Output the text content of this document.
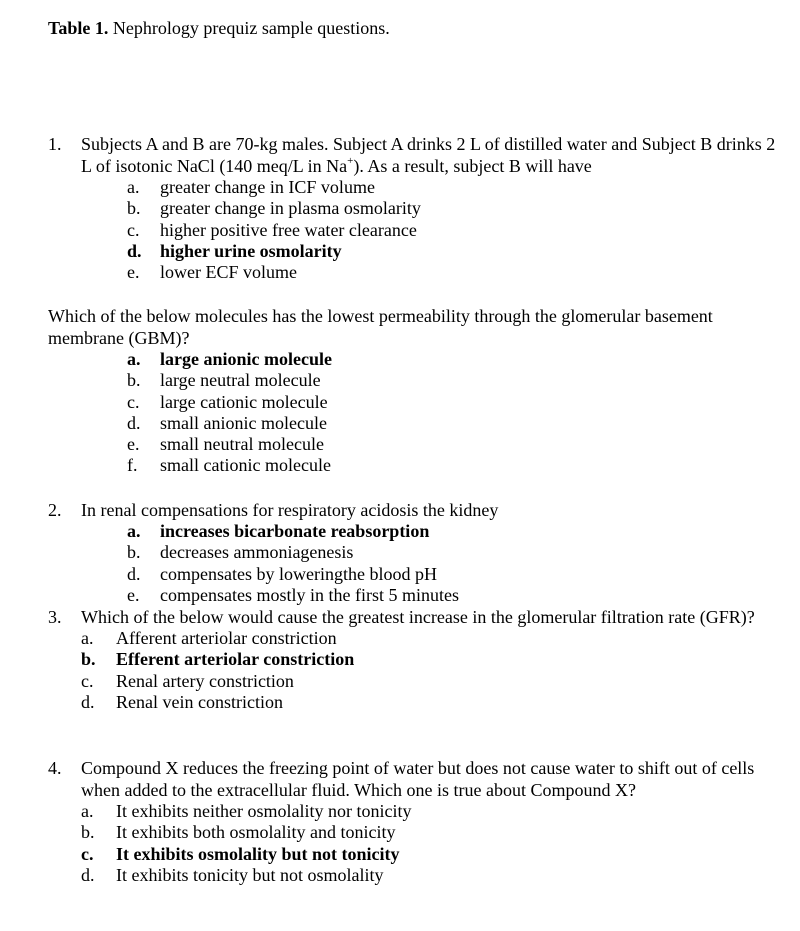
Table 1. Nephrology prequiz sample questions.
1. Subjects A and B are 70-kg males. Subject A drinks 2 L of distilled water and Subject B drinks 2 L of isotonic NaCl (140 meq/L in Na+). As a result, subject B will have
a. greater change in ICF volume
b. greater change in plasma osmolarity
c. higher positive free water clearance
d. higher urine osmolarity
e. lower ECF volume
Which of the below molecules has the lowest permeability through the glomerular basement membrane (GBM)?
a. large anionic molecule
b. large neutral molecule
c. large cationic molecule
d. small anionic molecule
e. small neutral molecule
f. small cationic molecule
2. In renal compensations for respiratory acidosis the kidney
a. increases bicarbonate reabsorption
b. decreases ammoniagenesis
d. compensates by loweringthe blood pH
e. compensates mostly in the first 5 minutes
3. Which of the below would cause the greatest increase in the glomerular filtration rate (GFR)?
a. Afferent arteriolar constriction
b. Efferent arteriolar constriction
c. Renal artery constriction
d. Renal vein constriction
4. Compound X reduces the freezing point of water but does not cause water to shift out of cells when added to the extracellular fluid. Which one is true about Compound X?
a. It exhibits neither osmolality nor tonicity
b. It exhibits both osmolality and tonicity
c. It exhibits osmolality but not tonicity
d. It exhibits tonicity but not osmolality
